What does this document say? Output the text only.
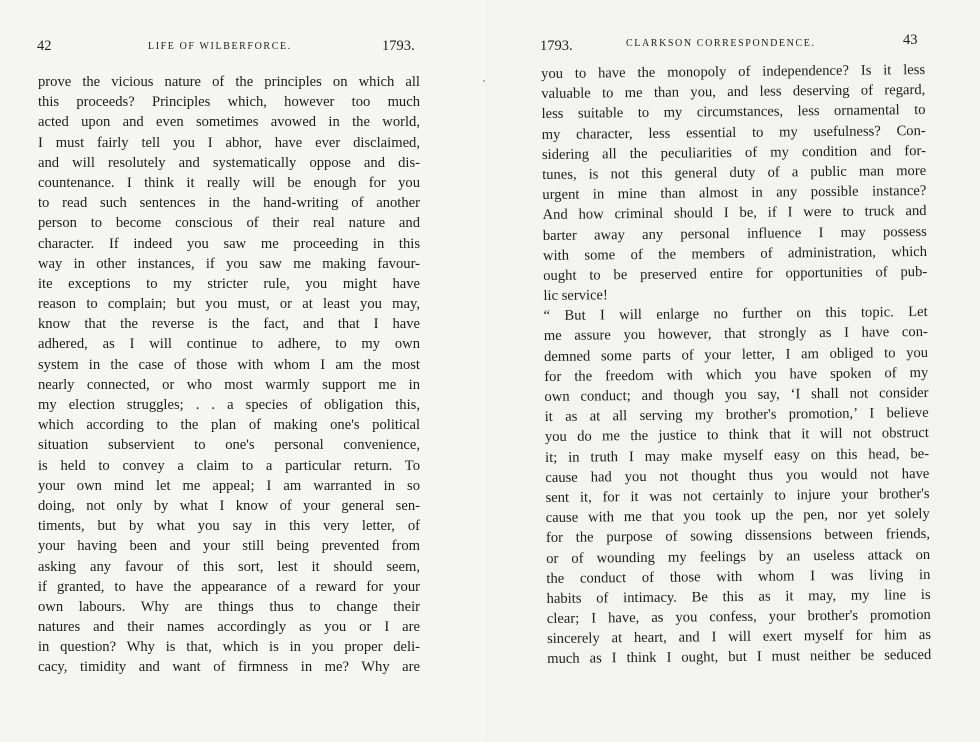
42	LIFE OF WILBERFORCE.	1793.
prove the vicious nature of the principles on which all
this proceeds? Principles which, however too much
acted upon and even sometimes avowed in the world,
I must fairly tell you I abhor, have ever disclaimed,
and will resolutely and systematically oppose and dis-
countenance. I think it really will be enough for you
to read such sentences in the hand-writing of another
person to become conscious of their real nature and
character. If indeed you saw me proceeding in this
way in other instances, if you saw me making favour-
ite exceptions to my stricter rule, you might have
reason to complain; but you must, or at least you may,
know that the reverse is the fact, and that I have
adhered, as I will continue to adhere, to my own
system in the case of those with whom I am the most
nearly connected, or who most warmly support me in
my election struggles; . . a species of obligation this,
which according to the plan of making one's political
situation subservient to one's personal convenience,
is held to convey a claim to a particular return. To
your own mind let me appeal; I am warranted in so
doing, not only by what I know of your general sen-
timents, but by what you say in this very letter, of
your having been and your still being prevented from
asking any favour of this sort, lest it should seem,
if granted, to have the appearance of a reward for your
own labours. Why are things thus to change their
natures and their names accordingly as you or I are
in question? Why is that, which is in you proper deli-
cacy, timidity and want of firmness in me? Why are
1793.	CLARKSON CORRESPONDENCE.	43
you to have the monopoly of independence? Is it less
valuable to me than you, and less deserving of regard,
less suitable to my circumstances, less ornamental to
my character, less essential to my usefulness? Con-
sidering all the peculiarities of my condition and for-
tunes, is not this general duty of a public man more
urgent in mine than almost in any possible instance?
And how criminal should I be, if I were to truck and
barter away any personal influence I may possess
with some of the members of administration, which
ought to be preserved entire for opportunities of pub-
lic service!
“ But I will enlarge no further on this topic. Let
me assure you however, that strongly as I have con-
demned some parts of your letter, I am obliged to you
for the freedom with which you have spoken of my
own conduct; and though you say, ‘I shall not consider
it as at all serving my brother's promotion,’ I believe
you do me the justice to think that it will not obstruct
it; in truth I may make myself easy on this head, be-
cause had you not thought thus you would not have
sent it, for it was not certainly to injure your brother's
cause with me that you took up the pen, nor yet solely
for the purpose of sowing dissensions between friends,
or of wounding my feelings by an useless attack on
the conduct of those with whom I was living in
habits of intimacy. Be this as it may, my line is
clear; I have, as you confess, your brother's promotion
sincerely at heart, and I will exert myself for him as
much as I think I ought, but I must neither be seduced
